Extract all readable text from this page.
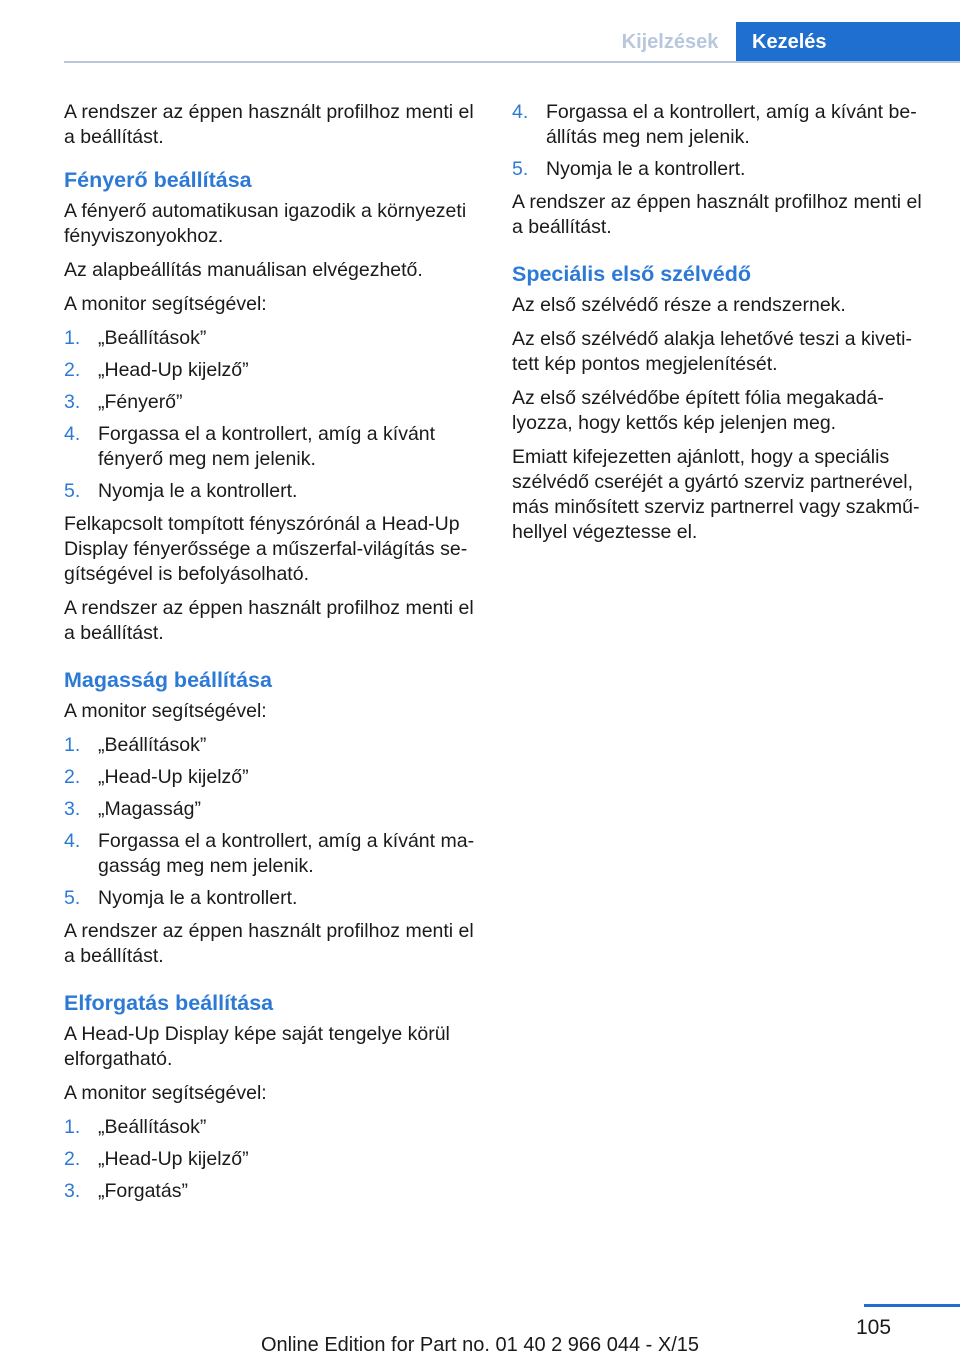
Kijelzések	Kezelés

A rendszer az éppen használt profilhoz menti el a beállítást.

Fényerő beállítása

A fényerő automatikusan igazodik a környezeti fényviszonyokhoz.

Az alapbeállítás manuálisan elvégezhető.

A monitor segítségével:

1. „Beállítások”
2. „Head-Up kijelző”
3. „Fényerő”
4. Forgassa el a kontrollert, amíg a kívánt fényerő meg nem jelenik.
5. Nyomja le a kontrollert.

Felkapcsolt tompított fényszórónál a Head-Up Display fényerőssége a műszerfal-világítás segítségével is befolyásolható.

A rendszer az éppen használt profilhoz menti el a beállítást.

Magasság beállítása

A monitor segítségével:

1. „Beállítások”
2. „Head-Up kijelző”
3. „Magasság”
4. Forgassa el a kontrollert, amíg a kívánt magasság meg nem jelenik.
5. Nyomja le a kontrollert.

A rendszer az éppen használt profilhoz menti el a beállítást.

Elforgatás beállítása

A Head-Up Display képe saját tengelye körül elforgatható.

A monitor segítségével:

1. „Beállítások”
2. „Head-Up kijelző”
3. „Forgatás”
4. Forgassa el a kontrollert, amíg a kívánt beállítás meg nem jelenik.
5. Nyomja le a kontrollert.

A rendszer az éppen használt profilhoz menti el a beállítást.

Speciális első szélvédő

Az első szélvédő része a rendszernek.

Az első szélvédő alakja lehetővé teszi a kivetitett kép pontos megjelenítését.

Az első szélvédőbe épített fólia megakadályozza, hogy kettős kép jelenjen meg.

Emiatt kifejezetten ajánlott, hogy a speciális szélvédő cseréjét a gyártó szerviz partnerével, más minősített szerviz partnerrel vagy szakműhellyel végeztesse el.

105
Online Edition for Part no. 01 40 2 966 044 - X/15
